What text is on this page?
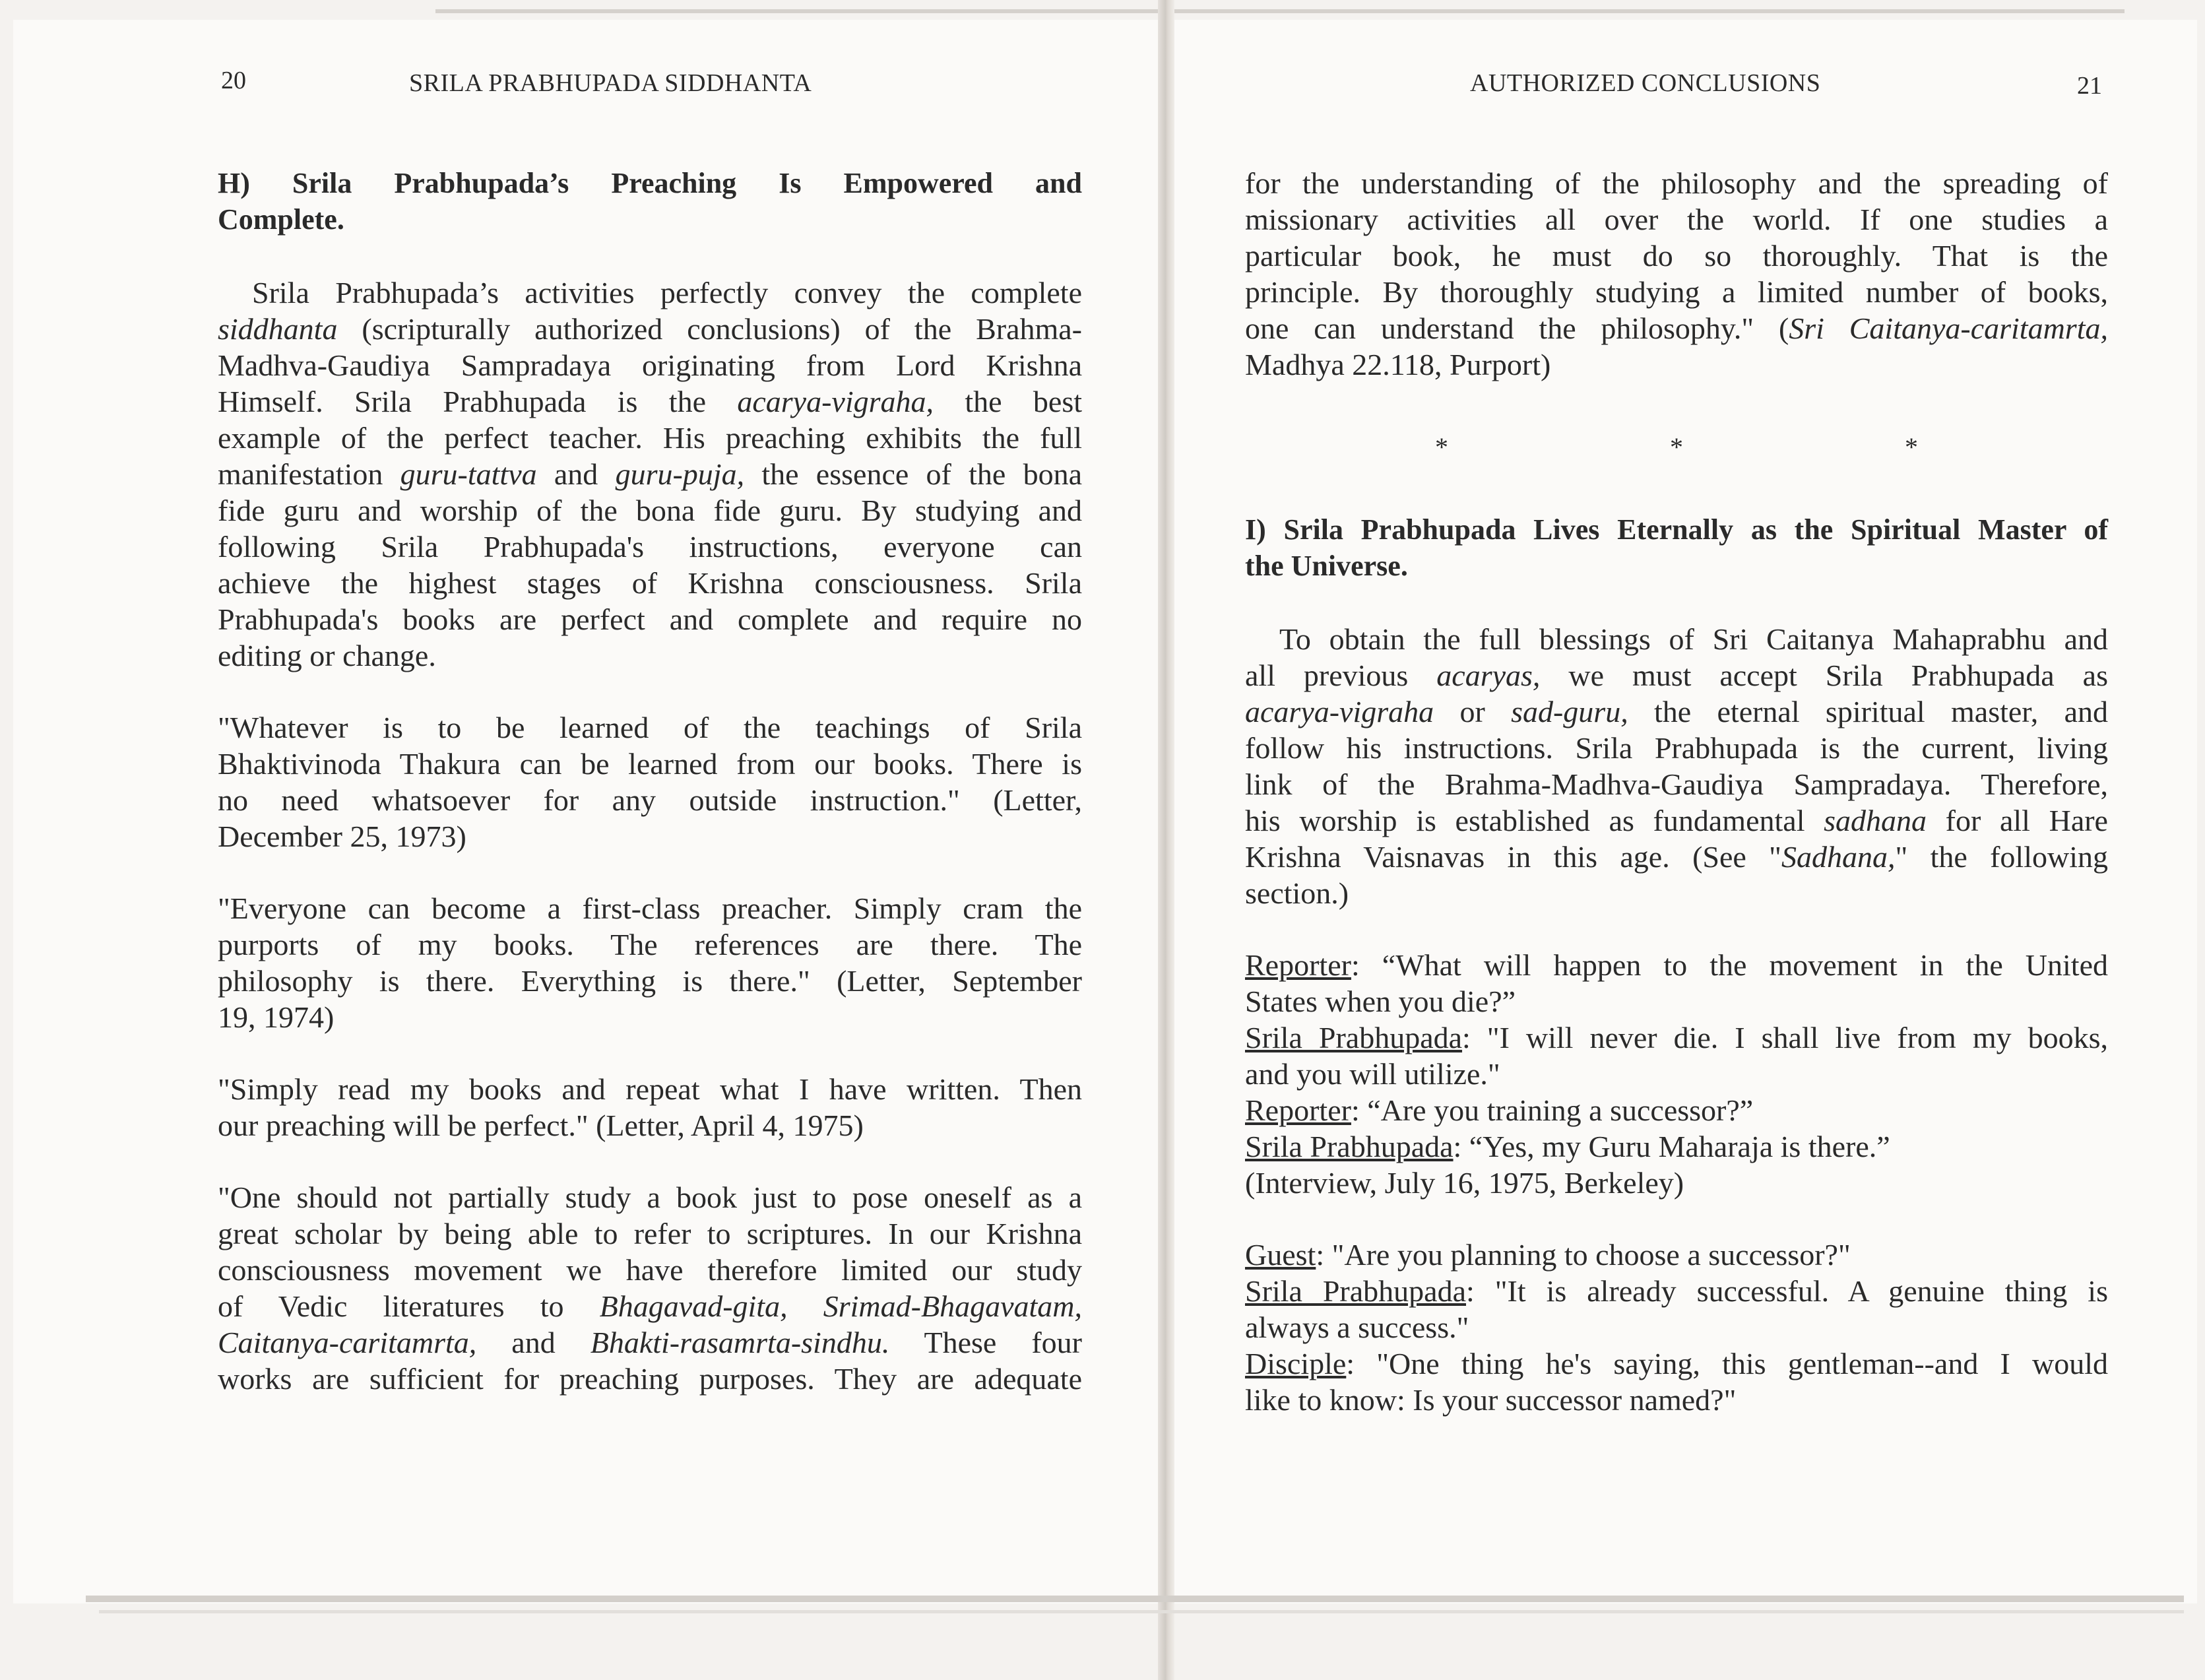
20	SRILA PRABHUPADA SIDDHANTA	AUTHORIZED CONCLUSIONS	21
H) Srila Prabhupada’s Preaching Is Empowered and
Complete.
Srila Prabhupada’s activities perfectly convey the complete
siddhanta (scripturally authorized conclusions) of the Brahma-
Madhva-Gaudiya Sampradaya originating from Lord Krishna
Himself. Srila Prabhupada is the acarya-vigraha, the best
example of the perfect teacher. His preaching exhibits the full
manifestation guru-tattva and guru-puja, the essence of the bona
fide guru and worship of the bona fide guru. By studying and
following Srila Prabhupada's instructions, everyone can
achieve the highest stages of Krishna consciousness. Srila
Prabhupada's books are perfect and complete and require no
editing or change.
"Whatever is to be learned of the teachings of Srila
Bhaktivinoda Thakura can be learned from our books. There is
no need whatsoever for any outside instruction." (Letter,
December 25, 1973)
"Everyone can become a first-class preacher. Simply cram the
purports of my books. The references are there. The
philosophy is there. Everything is there." (Letter, September
19, 1974)
"Simply read my books and repeat what I have written. Then
our preaching will be perfect." (Letter, April 4, 1975)
"One should not partially study a book just to pose oneself as a
great scholar by being able to refer to scriptures. In our Krishna
consciousness movement we have therefore limited our study
of Vedic literatures to Bhagavad-gita, Srimad-Bhagavatam,
Caitanya-caritamrta, and Bhakti-rasamrta-sindhu. These four
works are sufficient for preaching purposes. They are adequate
for the understanding of the philosophy and the spreading of
missionary activities all over the world. If one studies a
particular book, he must do so thoroughly. That is the
principle. By thoroughly studying a limited number of books,
one can understand the philosophy." (Sri Caitanya-caritamrta,
Madhya 22.118, Purport)
*	*	*
I) Srila Prabhupada Lives Eternally as the Spiritual Master of
the Universe.
To obtain the full blessings of Sri Caitanya Mahaprabhu and
all previous acaryas, we must accept Srila Prabhupada as
acarya-vigraha or sad-guru, the eternal spiritual master, and
follow his instructions. Srila Prabhupada is the current, living
link of the Brahma-Madhva-Gaudiya Sampradaya. Therefore,
his worship is established as fundamental sadhana for all Hare
Krishna Vaisnavas in this age. (See "Sadhana," the following
section.)
Reporter: “What will happen to the movement in the United
States when you die?”
Srila Prabhupada: "I will never die. I shall live from my books,
and you will utilize."
Reporter: “Are you training a successor?”
Srila Prabhupada: “Yes, my Guru Maharaja is there.”
(Interview, July 16, 1975, Berkeley)
Guest: "Are you planning to choose a successor?"
Srila Prabhupada: "It is already successful. A genuine thing is
always a success."
Disciple: "One thing he's saying, this gentleman--and I would
like to know: Is your successor named?"
